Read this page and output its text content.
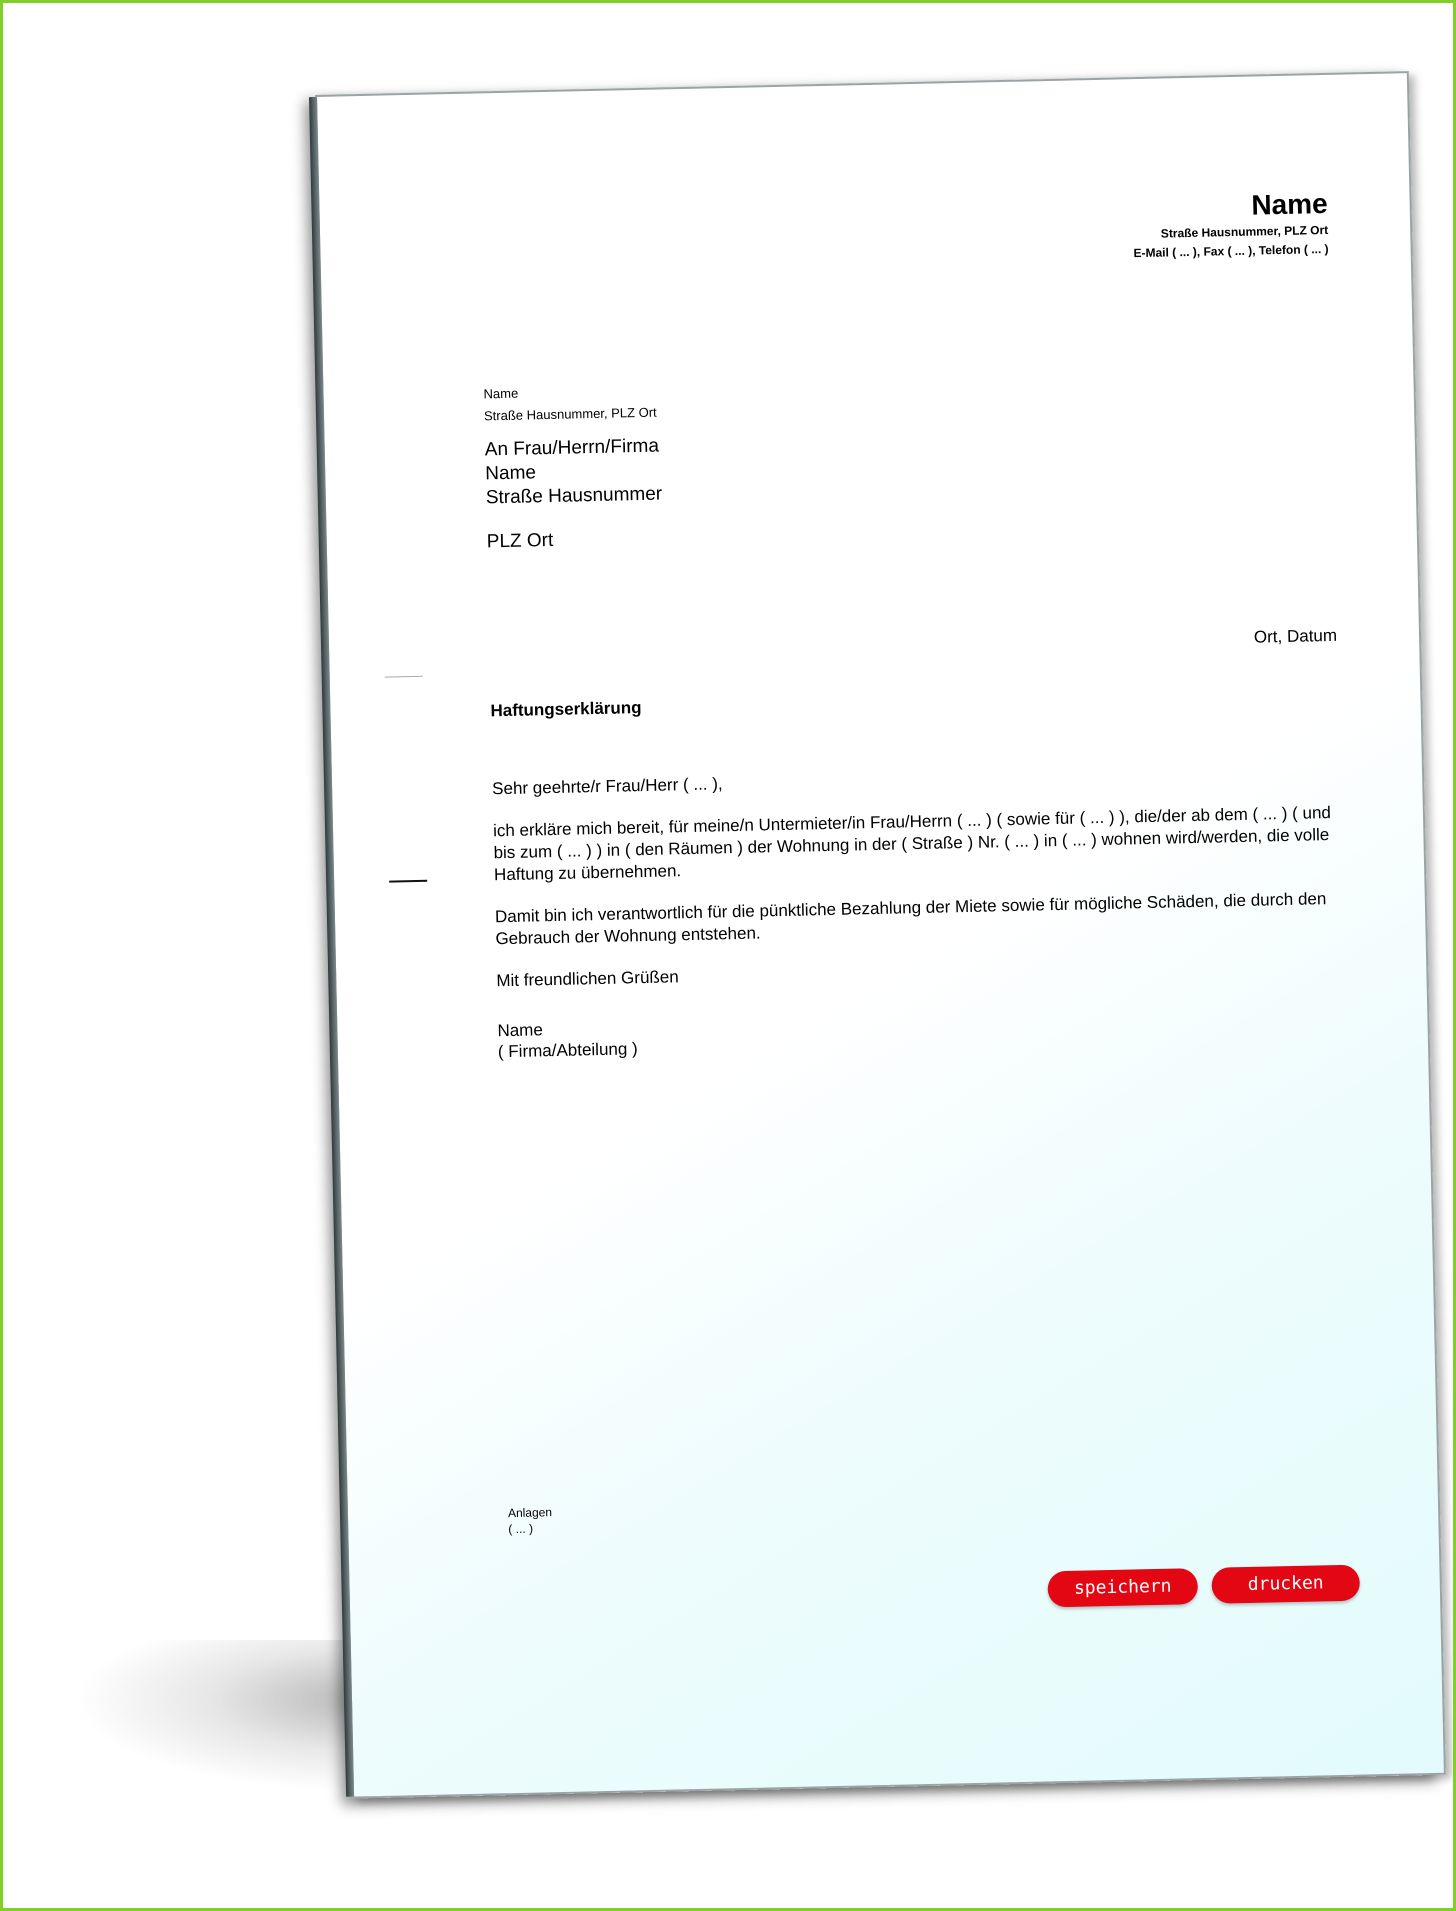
Name
Straße Hausnummer, PLZ Ort
E-Mail ( ... ), Fax ( ... ), Telefon ( ... )
Name
Straße Hausnummer, PLZ Ort
An Frau/Herrn/Firma
Name
Straße Hausnummer
PLZ Ort
Ort, Datum
Haftungserklärung

Sehr geehrte/r Frau/Herr ( ... ),

ich erkläre mich bereit, für meine/n Untermieter/in Frau/Herrn ( ... ) ( sowie für ( ... ) ), die/der ab dem ( ... ) ( und bis zum ( ... ) ) in ( den Räumen ) der Wohnung in der ( Straße ) Nr. ( ... ) in ( ... ) wohnen wird/werden, die volle Haftung zu übernehmen.

Damit bin ich verantwortlich für die pünktliche Bezahlung der Miete sowie für mögliche Schäden, die durch den Gebrauch der Wohnung entstehen.

Mit freundlichen Grüßen

Name
( Firma/Abteilung )
Anlagen
( ... )
speichern	drucken
